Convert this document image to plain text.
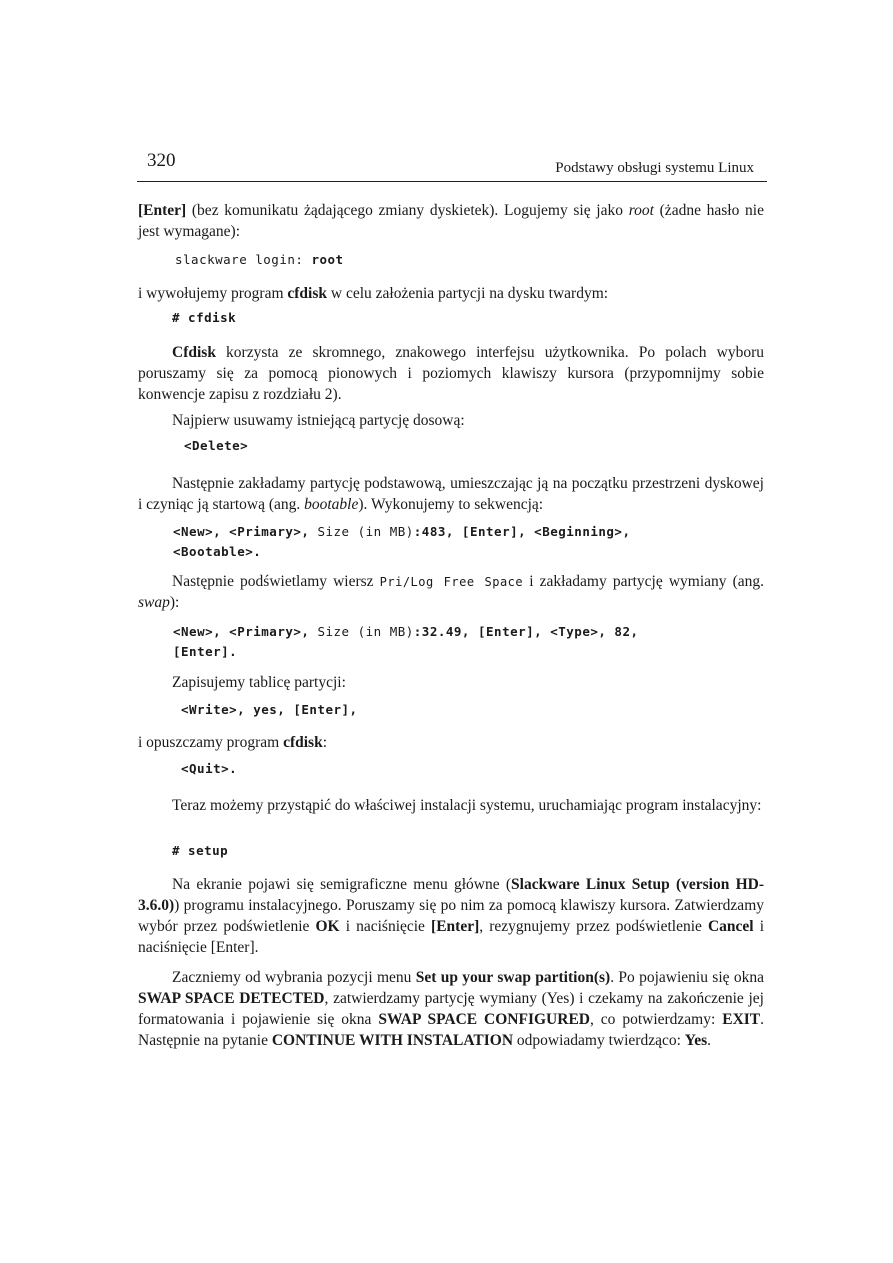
320	Podstawy obsługi systemu Linux

[Enter] (bez komunikatu żądającego zmiany dyskietek). Logujemy się jako root (żadne hasło nie jest wymagane):

slackware login: root

i wywołujemy program cfdisk w celu założenia partycji na dysku twardym:

# cfdisk

Cfdisk korzysta ze skromnego, znakowego interfejsu użytkownika. Po polach wyboru poruszamy się za pomocą pionowych i poziomych klawiszy kursora (przypomnijmy sobie konwencje zapisu z rozdziału 2).

Najpierw usuwamy istniejącą partycję dosową:

<Delete>

Następnie zakładamy partycję podstawową, umieszczając ją na początku przestrzeni dyskowej i czyniąc ją startową (ang. bootable). Wykonujemy to sekwencją:

<New>, <Primary>, Size (in MB):483, [Enter], <Beginning>,
<Bootable>.

Następnie podświetlamy wiersz Pri/Log Free Space i zakładamy partycję wymiany (ang. swap):

<New>, <Primary>, Size (in MB):32.49, [Enter], <Type>, 82,
[Enter].

Zapisujemy tablicę partycji:

<Write>, yes, [Enter],

i opuszczamy program cfdisk:

<Quit>.

Teraz możemy przystąpić do właściwej instalacji systemu, uruchamiając program instalacyjny:

# setup

Na ekranie pojawi się semigraficzne menu główne (Slackware Linux Setup (version HD-3.6.0)) programu instalacyjnego. Poruszamy się po nim za pomocą klawiszy kursora. Zatwierdzamy wybór przez podświetlenie OK i naciśnięcie [Enter], rezygnujemy przez podświetlenie Cancel i naciśnięcie [Enter].

Zaczniemy od wybrania pozycji menu Set up your swap partition(s). Po pojawieniu się okna SWAP SPACE DETECTED, zatwierdzamy partycję wymiany (Yes) i czekamy na zakończenie jej formatowania i pojawienie się okna SWAP SPACE CONFIGURED, co potwierdzamy: EXIT. Następnie na pytanie CONTINUE WITH INSTALATION odpowiadamy twierdząco: Yes.
